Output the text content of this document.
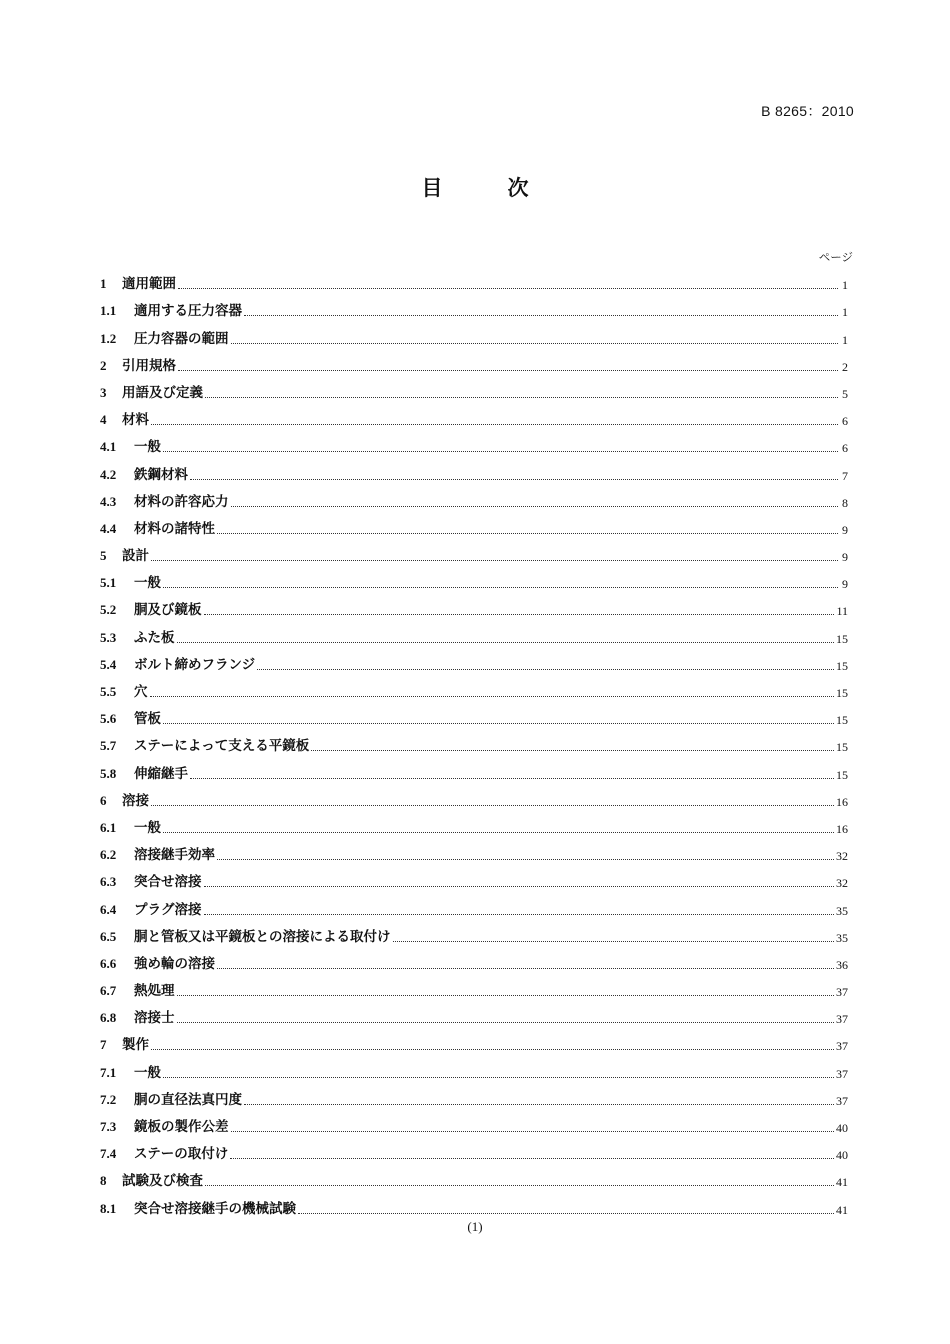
B 8265：2010
目　次
ページ
1	適用範囲	1
1.1	適用する圧力容器	1
1.2	圧力容器の範囲	1
2	引用規格	2
3	用語及び定義	5
4	材料	6
4.1	一般	6
4.2	鉄鋼材料	7
4.3	材料の許容応力	8
4.4	材料の諸特性	9
5	設計	9
5.1	一般	9
5.2	胴及び鏡板	11
5.3	ふた板	15
5.4	ボルト締めフランジ	15
5.5	穴	15
5.6	管板	15
5.7	ステーによって支える平鏡板	15
5.8	伸縮継手	15
6	溶接	16
6.1	一般	16
6.2	溶接継手効率	32
6.3	突合せ溶接	32
6.4	プラグ溶接	35
6.5	胴と管板又は平鏡板との溶接による取付け	35
6.6	強め輪の溶接	36
6.7	熱処理	37
6.8	溶接士	37
7	製作	37
7.1	一般	37
7.2	胴の直径法真円度	37
7.3	鏡板の製作公差	40
7.4	ステーの取付け	40
8	試験及び検査	41
8.1	突合せ溶接継手の機械試験	41
(1)
